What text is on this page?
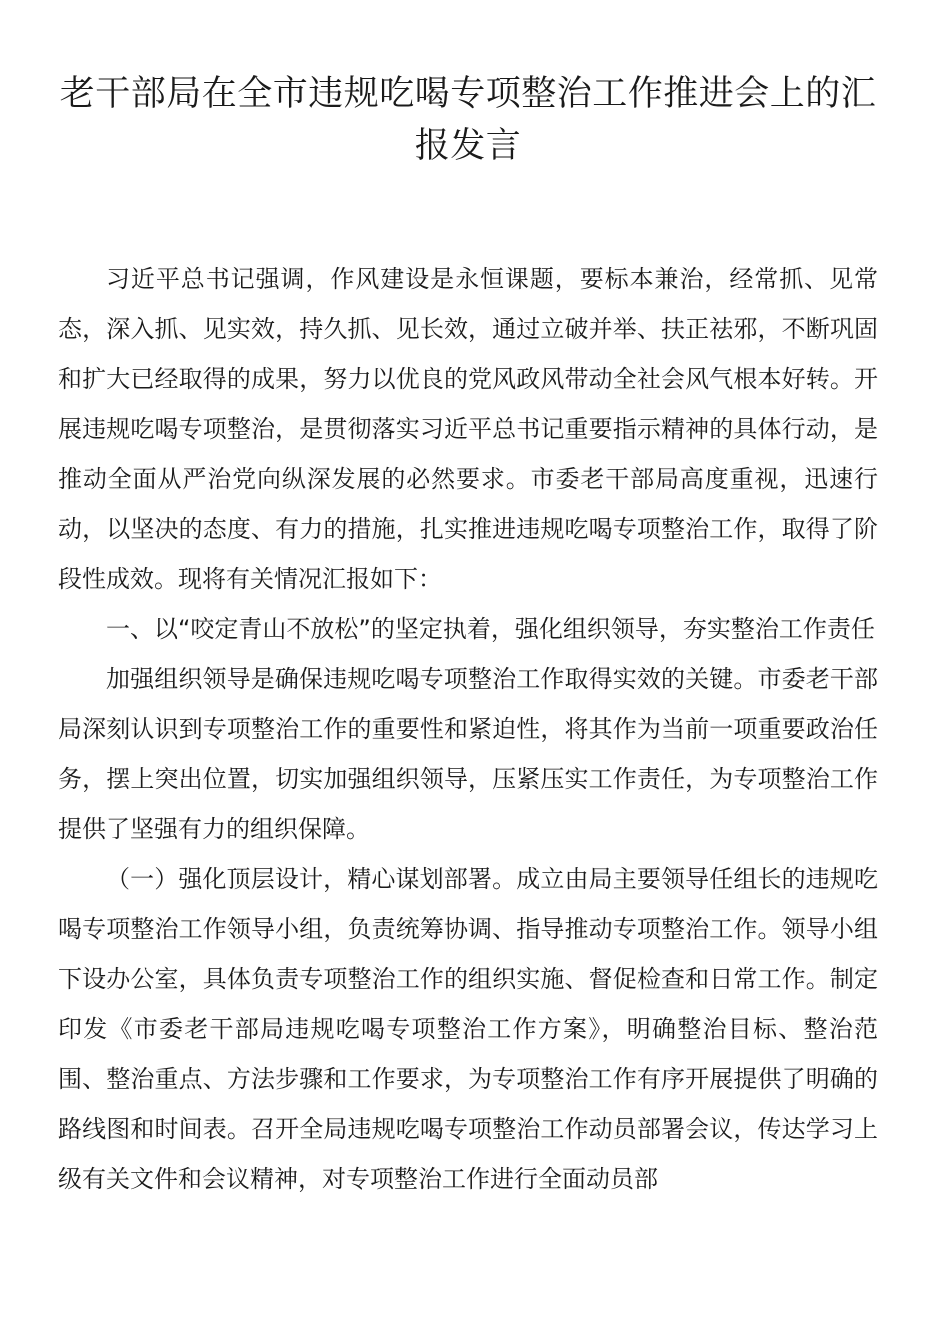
老干部局在全市违规吃喝专项整治工作推进会上的汇报发言

习近平总书记强调，作风建设是永恒课题，要标本兼治，经常抓、见常态，深入抓、见实效，持久抓、见长效，通过立破并举、扶正祛邪，不断巩固和扩大已经取得的成果，努力以优良的党风政风带动全社会风气根本好转。开展违规吃喝专项整治，是贯彻落实习近平总书记重要指示精神的具体行动，是推动全面从严治党向纵深发展的必然要求。市委老干部局高度重视，迅速行动，以坚决的态度、有力的措施，扎实推进违规吃喝专项整治工作，取得了阶段性成效。现将有关情况汇报如下：

一、以“咬定青山不放松”的坚定执着，强化组织领导，夯实整治工作责任

加强组织领导是确保违规吃喝专项整治工作取得实效的关键。市委老干部局深刻认识到专项整治工作的重要性和紧迫性，将其作为当前一项重要政治任务，摆上突出位置，切实加强组织领导，压紧压实工作责任，为专项整治工作提供了坚强有力的组织保障。

（一）强化顶层设计，精心谋划部署。成立由局主要领导任组长的违规吃喝专项整治工作领导小组，负责统筹协调、指导推动专项整治工作。领导小组下设办公室，具体负责专项整治工作的组织实施、督促检查和日常工作。制定印发《市委老干部局违规吃喝专项整治工作方案》，明确整治目标、整治范围、整治重点、方法步骤和工作要求，为专项整治工作有序开展提供了明确的路线图和时间表。召开全局违规吃喝专项整治工作动员部署会议，传达学习上级有关文件和会议精神，对专项整治工作进行全面动员部
